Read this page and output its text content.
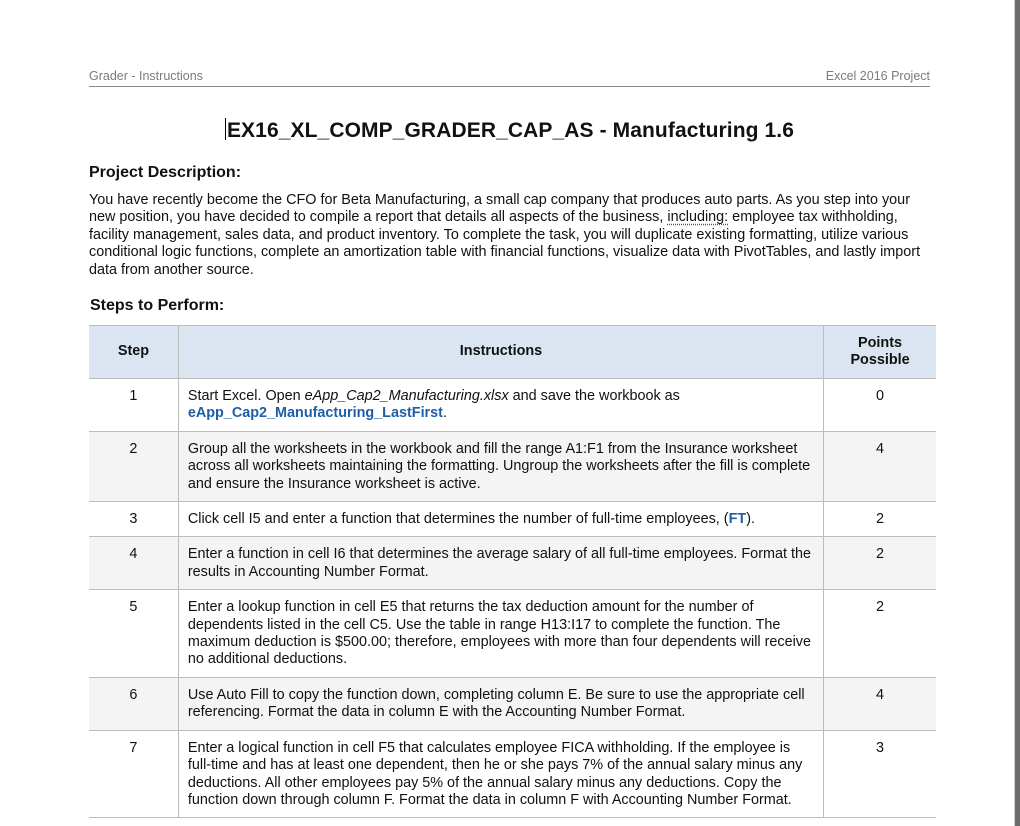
Grader - Instructions	Excel 2016 Project
EX16_XL_COMP_GRADER_CAP_AS - Manufacturing 1.6
Project Description:
You have recently become the CFO for Beta Manufacturing, a small cap company that produces auto parts. As you step into your new position, you have decided to compile a report that details all aspects of the business, including: employee tax withholding, facility management, sales data, and product inventory. To complete the task, you will duplicate existing formatting, utilize various conditional logic functions, complete an amortization table with financial functions, visualize data with PivotTables, and lastly import data from another source.
Steps to Perform:
Step	Instructions	Points Possible

1	Start Excel. Open eApp_Cap2_Manufacturing.xlsx and save the workbook as
eApp_Cap2_Manufacturing_LastFirst.	0
2	Group all the worksheets in the workbook and fill the range A1:F1 from the Insurance worksheet across all worksheets maintaining the formatting. Ungroup the worksheets after the fill is complete and ensure the Insurance worksheet is active.	4
3	Click cell I5 and enter a function that determines the number of full-time employees, (FT).	2
4	Enter a function in cell I6 that determines the average salary of all full-time employees. Format the results in Accounting Number Format.	2
5	Enter a lookup function in cell E5 that returns the tax deduction amount for the number of dependents listed in the cell C5. Use the table in range H13:I17 to complete the function. The maximum deduction is $500.00; therefore, employees with more than four dependents will receive no additional deductions.	2
6	Use Auto Fill to copy the function down, completing column E. Be sure to use the appropriate cell referencing. Format the data in column E with the Accounting Number Format.	4
7	Enter a logical function in cell F5 that calculates employee FICA withholding. If the employee is full-time and has at least one dependent, then he or she pays 7% of the annual salary minus any deductions. All other employees pay 5% of the annual salary minus any deductions. Copy the function down through column F. Format the data in column F with Accounting Number Format.	3
